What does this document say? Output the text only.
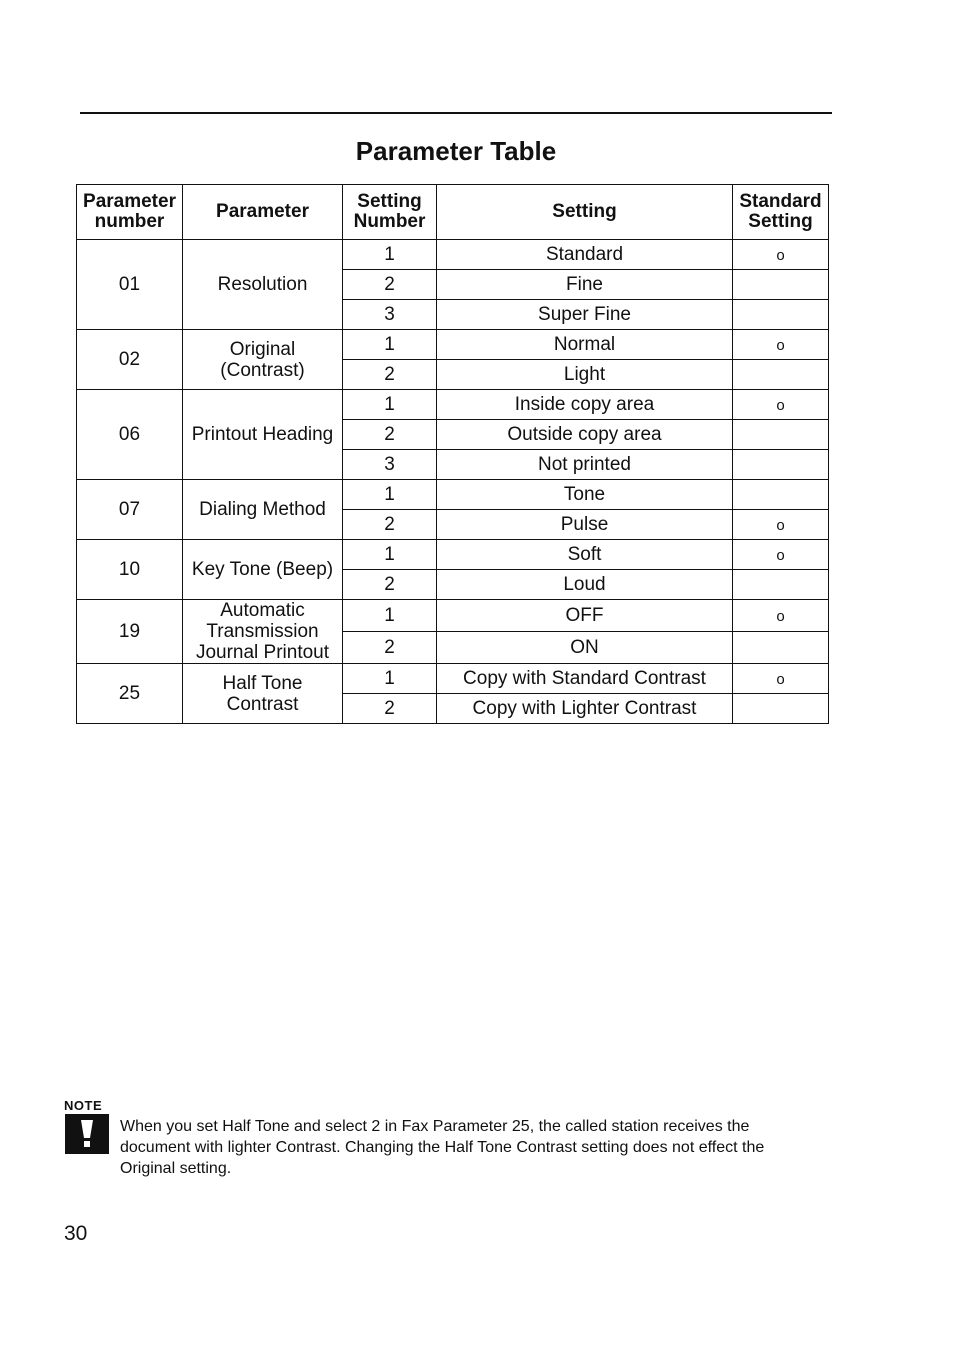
Parameter Table
Parameter number	Parameter	Setting Number	Setting	Standard Setting
01	Resolution	1	Standard	o
		2	Fine	
		3	Super Fine	
02	Original (Contrast)	1	Normal	o
		2	Light	
06	Printout Heading	1	Inside copy area	o
		2	Outside copy area	
		3	Not printed	
07	Dialing Method	1	Tone	
		2	Pulse	o
10	Key Tone (Beep)	1	Soft	o
		2	Loud	
19	Automatic Transmission Journal Printout	1	OFF	o
		2	ON	
25	Half Tone Contrast	1	Copy with Standard Contrast	o
		2	Copy with Lighter Contrast	
NOTE
When you set Half Tone and select 2 in Fax Parameter 25, the called station receives the document with lighter Contrast. Changing the Half Tone Contrast setting does not effect the Original setting.
30
